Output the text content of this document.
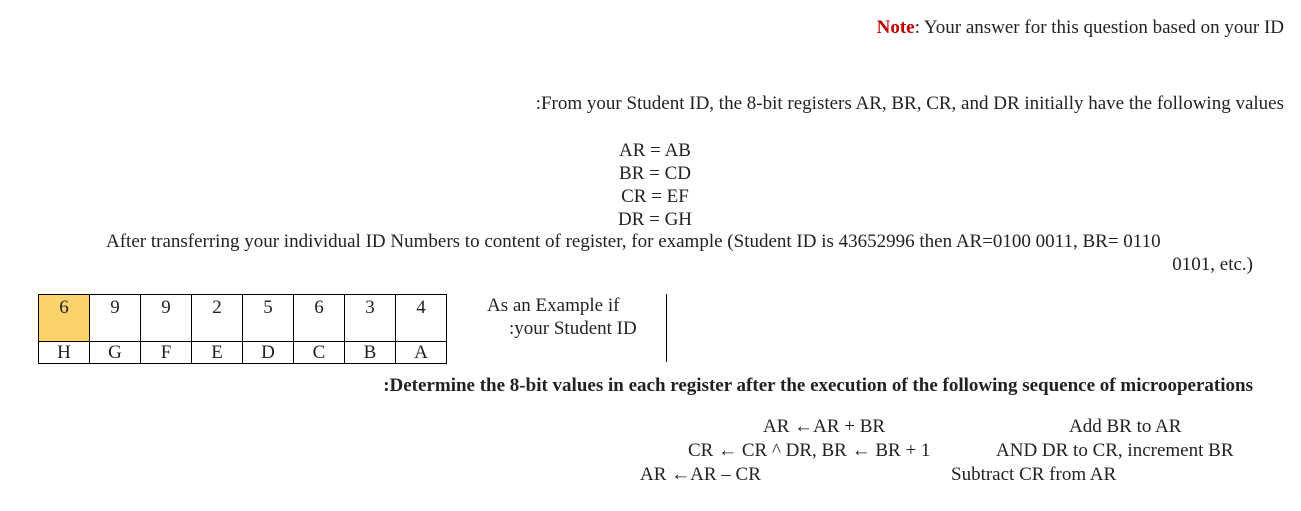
Note: Your answer for this question based on your ID
:From your Student ID, the 8-bit registers AR, BR, CR, and DR initially have the following values
AR = AB
BR = CD
CR = EF
DR = GH
After transferring your individual ID Numbers to content of register, for example (Student ID is 43652996 then AR=0100 0011, BR= 0110
0101, etc.)
6	9	9	2	5	6	3	4
H	G	F	E	D	C	B	A
As an Example if
:your Student ID
:Determine the 8-bit values in each register after the execution of the following sequence of microoperations
AR ←AR + BR	Add BR to AR
CR ← CR ^ DR, BR ← BR + 1	AND DR to CR, increment BR
AR ←AR – CR	Subtract CR from AR
